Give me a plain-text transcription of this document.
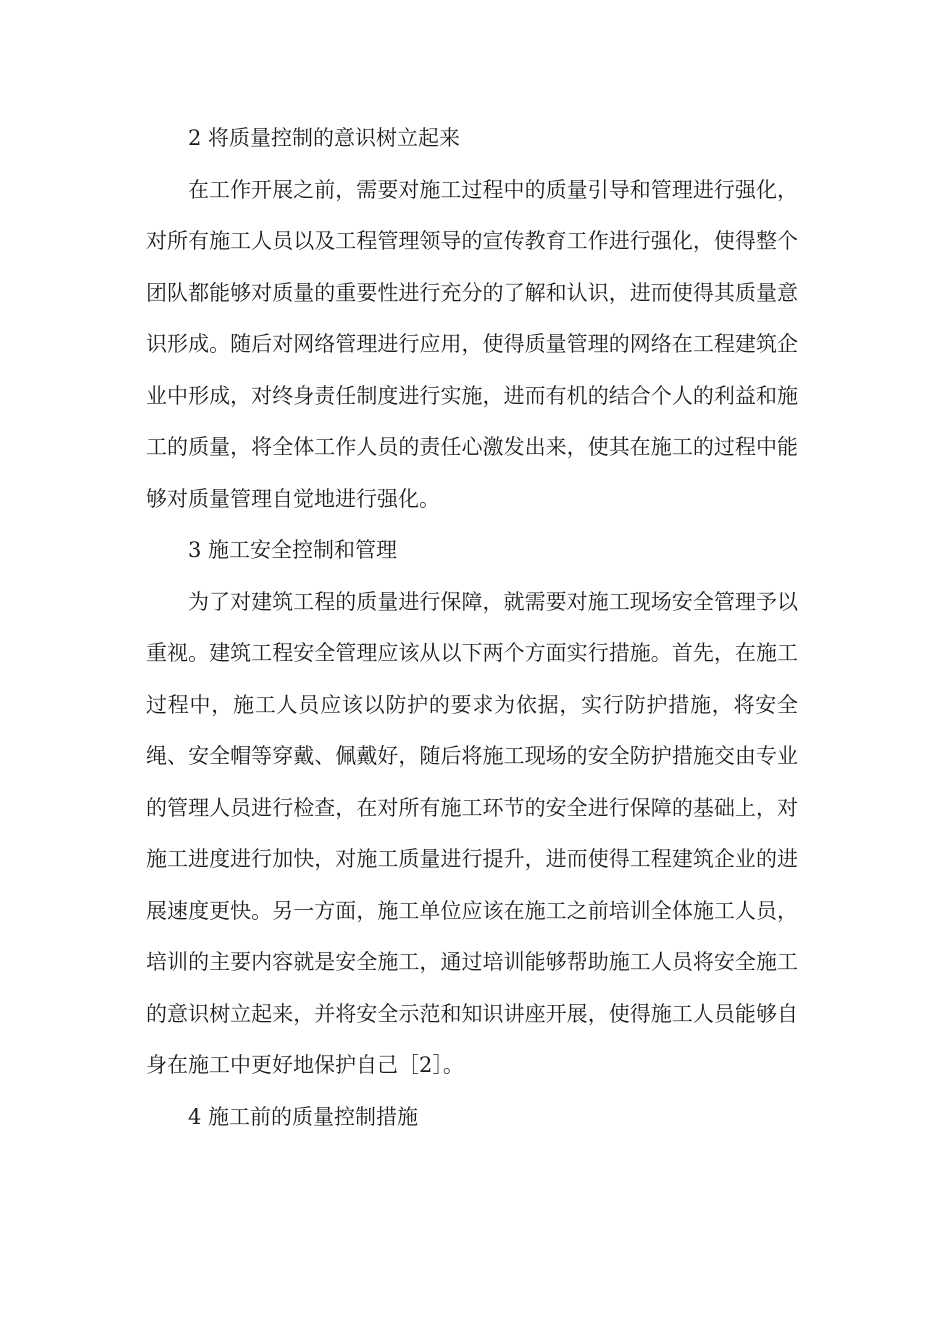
2 将质量控制的意识树立起来

在工作开展之前，需要对施工过程中的质量引导和管理进行强化，对所有施工人员以及工程管理领导的宣传教育工作进行强化，使得整个团队都能够对质量的重要性进行充分的了解和认识，进而使得其质量意识形成。随后对网络管理进行应用，使得质量管理的网络在工程建筑企业中形成，对终身责任制度进行实施，进而有机的结合个人的利益和施工的质量，将全体工作人员的责任心激发出来，使其在施工的过程中能够对质量管理自觉地进行强化。

3 施工安全控制和管理

为了对建筑工程的质量进行保障，就需要对施工现场安全管理予以重视。建筑工程安全管理应该从以下两个方面实行措施。首先，在施工过程中，施工人员应该以防护的要求为依据，实行防护措施，将安全绳、安全帽等穿戴、佩戴好，随后将施工现场的安全防护措施交由专业的管理人员进行检查，在对所有施工环节的安全进行保障的基础上，对施工进度进行加快，对施工质量进行提升，进而使得工程建筑企业的进展速度更快。另一方面，施工单位应该在施工之前培训全体施工人员，培训的主要内容就是安全施工，通过培训能够帮助施工人员将安全施工的意识树立起来，并将安全示范和知识讲座开展，使得施工人员能够自身在施工中更好地保护自己［2］。

4 施工前的质量控制措施
